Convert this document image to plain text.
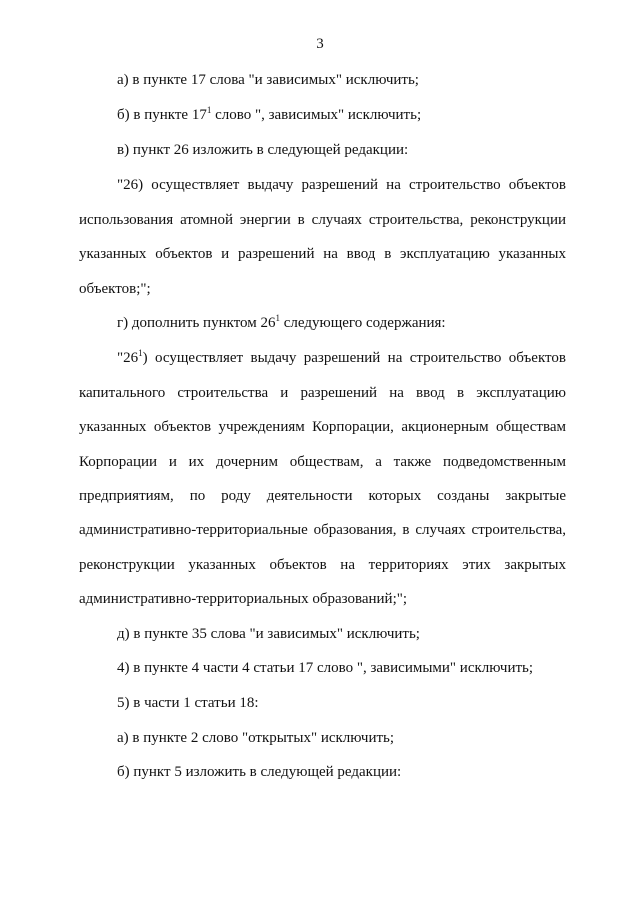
3
а) в пункте 17 слова "и зависимых" исключить;
б) в пункте $17^1$ слово ", зависимых" исключить;
в) пункт 26 изложить в следующей редакции:
"26) осуществляет выдачу разрешений на строительство объектов
использования атомной энергии в случаях строительства, реконструкции
указанных объектов и разрешений на ввод в эксплуатацию указанных
объектов;";
г) дополнить пунктом $26^1$ следующего содержания:
"$26^1$) осуществляет выдачу разрешений на строительство объектов
капитального строительства и разрешений на ввод в эксплуатацию
указанных объектов учреждениям Корпорации, акционерным обществам
Корпорации и их дочерним обществам, а также подведомственным
предприятиям, по роду деятельности которых созданы закрытые
административно-территориальные образования, в случаях строительства,
реконструкции указанных объектов на территориях этих закрытых
административно-территориальных образований;";
д) в пункте 35 слова "и зависимых" исключить;
4) в пункте 4 части 4 статьи 17 слово ", зависимыми" исключить;
5) в части 1 статьи 18:
а) в пункте 2 слово "открытых" исключить;
б) пункт 5 изложить в следующей редакции:
